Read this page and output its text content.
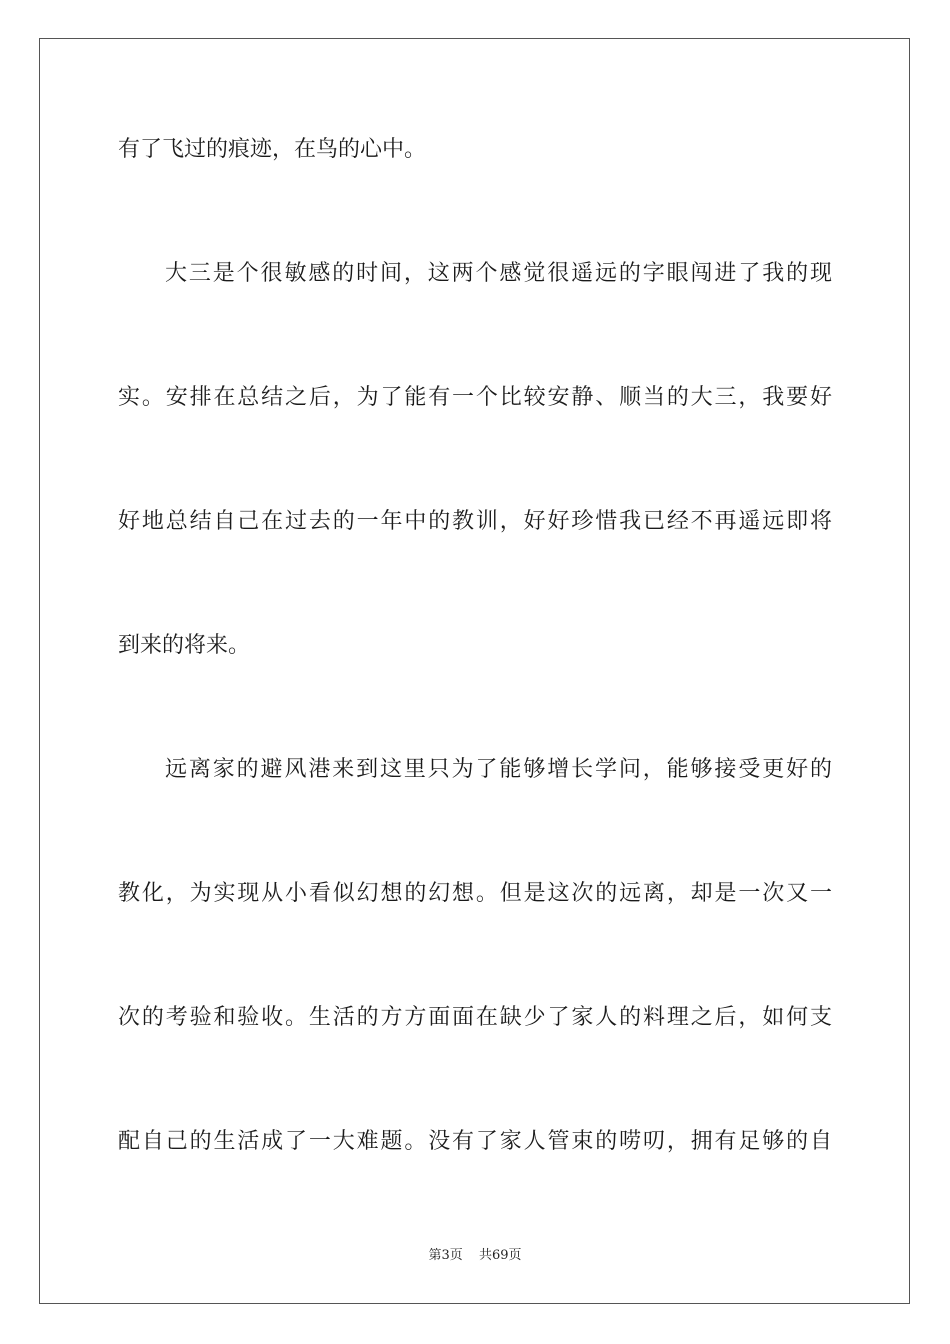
有了飞过的痕迹，在鸟的心中。
大三是个很敏感的时间，这两个感觉很遥远的字眼闯进了我的现
实。安排在总结之后，为了能有一个比较安静、顺当的大三，我要好
好地总结自己在过去的一年中的教训，好好珍惜我已经不再遥远即将
到来的将来。
远离家的避风港来到这里只为了能够增长学问，能够接受更好的
教化，为实现从小看似幻想的幻想。但是这次的远离，却是一次又一
次的考验和验收。生活的方方面面在缺少了家人的料理之后，如何支
配自己的生活成了一大难题。没有了家人管束的唠叨，拥有足够的自
第3页 共69页
